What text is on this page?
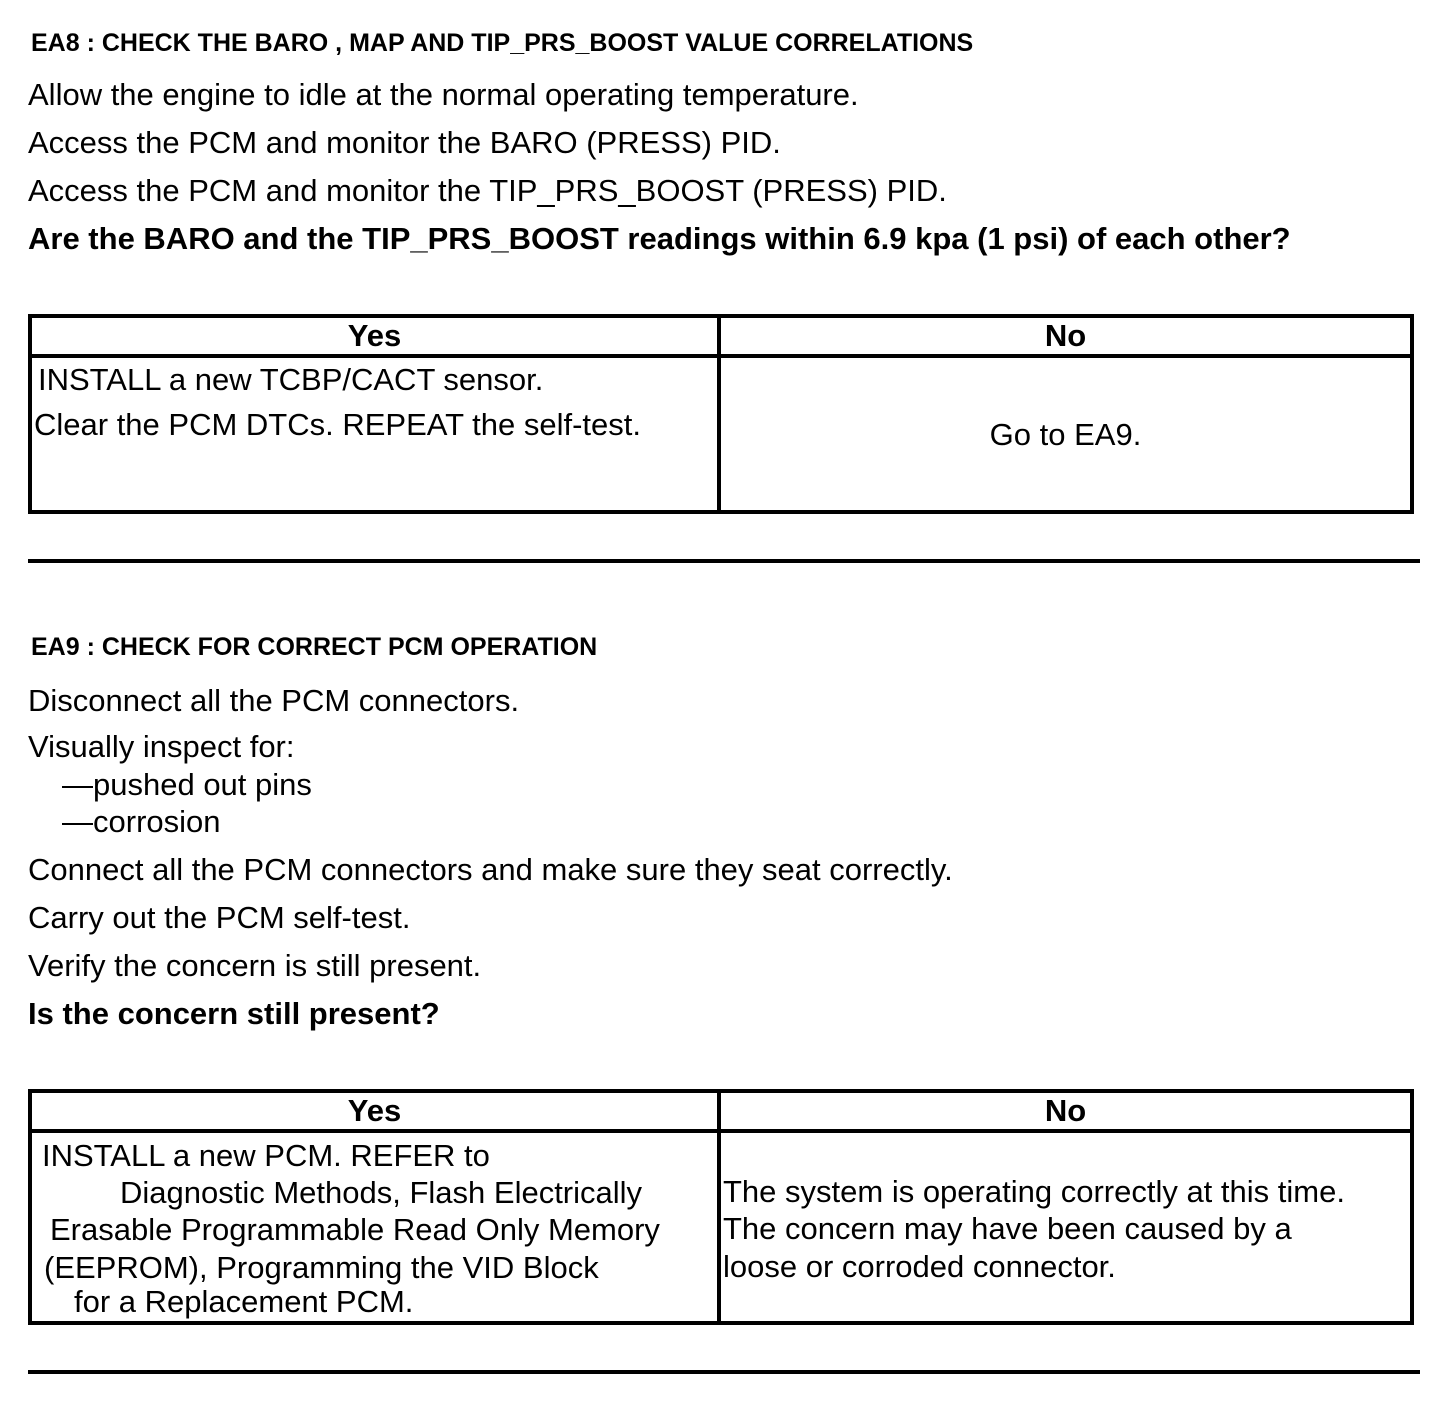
EA8 : CHECK THE BARO , MAP AND TIP_PRS_BOOST VALUE CORRELATIONS
Allow the engine to idle at the normal operating temperature.
Access the PCM and monitor the BARO (PRESS) PID.
Access the PCM and monitor the TIP_PRS_BOOST (PRESS) PID.
Are the BARO and the TIP_PRS_BOOST readings within 6.9 kpa (1 psi) of each other?
Yes	No

INSTALL a new TCBP/CACT sensor.
Clear the PCM DTCs. REPEAT the self-test.	Go to EA9.
EA9 : CHECK FOR CORRECT PCM OPERATION
Disconnect all the PCM connectors.
Visually inspect for:
—pushed out pins
—corrosion
Connect all the PCM connectors and make sure they seat correctly.
Carry out the PCM self-test.
Verify the concern is still present.
Is the concern still present?
Yes	No

INSTALL a new PCM. REFER to
Diagnostic Methods, Flash Electrically
Erasable Programmable Read Only Memory
(EEPROM), Programming the VID Block
for a Replacement PCM.	The system is operating correctly at this time.
The concern may have been caused by a
loose or corroded connector.
